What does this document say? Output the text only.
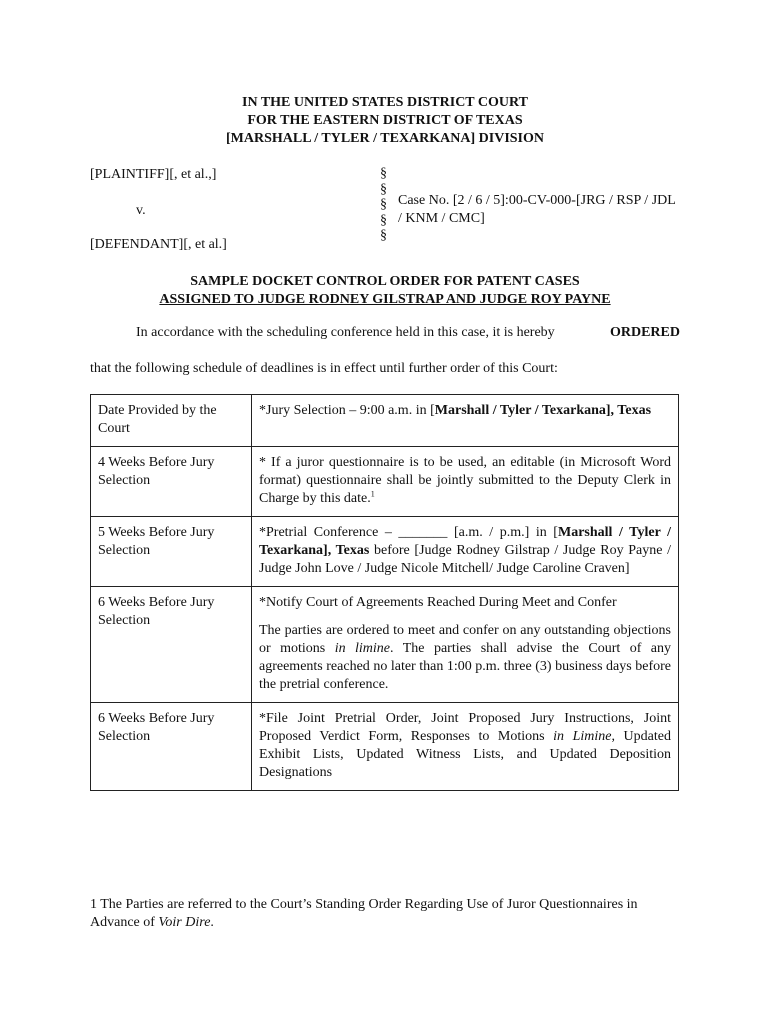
IN THE UNITED STATES DISTRICT COURT
FOR THE EASTERN DISTRICT OF TEXAS
[MARSHALL / TYLER / TEXARKANA] DIVISION
[PLAINTIFF][, et al.,]
v.
[DEFENDANT][, et al.]
§
§
§
§
§
Case No. [2 / 6 / 5]:00-CV-000-[JRG / RSP / JDL / KNM / CMC]
SAMPLE DOCKET CONTROL ORDER FOR PATENT CASES
ASSIGNED TO JUDGE RODNEY GILSTRAP AND JUDGE ROY PAYNE
In accordance with the scheduling conference held in this case, it is hereby	ORDERED
that the following schedule of deadlines is in effect until further order of this Court:
Date Provided by the Court	*Jury Selection – 9:00 a.m. in [Marshall / Tyler / Texarkana], Texas
4 Weeks Before Jury Selection	* If a juror questionnaire is to be used, an editable (in Microsoft Word format) questionnaire shall be jointly submitted to the Deputy Clerk in Charge by this date.$^1$
5 Weeks Before Jury Selection	*Pretrial Conference – _______ [a.m. / p.m.] in [Marshall / Tyler / Texarkana], Texas before [Judge Rodney Gilstrap / Judge Roy Payne / Judge John Love / Judge Nicole Mitchell/ Judge Caroline Craven]
6 Weeks Before Jury Selection	*Notify Court of Agreements Reached During Meet and Confer

The parties are ordered to meet and confer on any outstanding objections or motions in limine. The parties shall advise the Court of any agreements reached no later than 1:00 p.m. three (3) business days before the pretrial conference.

6 Weeks Before Jury Selection	*File Joint Pretrial Order, Joint Proposed Jury Instructions, Joint Proposed Verdict Form, Responses to Motions in Limine, Updated Exhibit Lists, Updated Witness Lists, and Updated Deposition Designations
1 The Parties are referred to the Court’s Standing Order Regarding Use of Juror Questionnaires in Advance of Voir Dire.
